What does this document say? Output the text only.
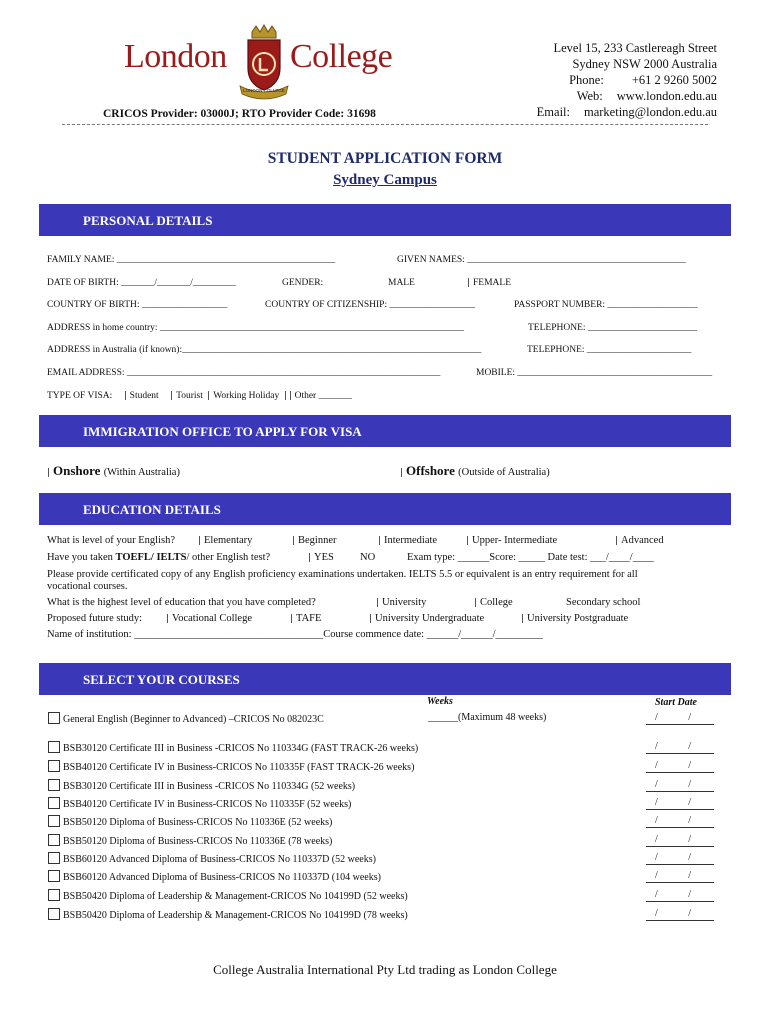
London
LONDON COLLEGE
College
CRICOS Provider: 03000J; RTO Provider Code: 31698
Level 15, 233 Castlereagh Street
Sydney NSW 2000 Australia
Phone: +61 2 9260 5002
Web: www.london.edu.au
Email: marketing@london.edu.au
STUDENT APPLICATION FORM
Sydney Campus
PERSONAL DETAILS
FAMILY NAME: ______________________________________________	GIVEN NAMES: ______________________________________________
DATE OF BIRTH: _______/_______/_________	GENDER:	MALE	FEMALE
COUNTRY OF BIRTH: __________________	COUNTRY OF CITIZENSHIP: __________________	PASSPORT NUMBER: ___________________
ADDRESS in home country: ________________________________________________________________	TELEPHONE: _______________________
ADDRESS in Australia (if known):_______________________________________________________________	TELEPHONE: ______________________
EMAIL ADDRESS: __________________________________________________________________	MOBILE: _________________________________________
TYPE OF VISA: Student Tourist Working Holiday Other _______
IMMIGRATION OFFICE TO APPLY FOR VISA
Onshore (Within Australia)	Offshore (Outside of Australia)
EDUCATION DETAILS
What is level of your English?	Elementary	Beginner	Intermediate	Upper- Intermediate	Advanced
Have you taken TOEFL/ IELTS/ other English test?	YES NO	Exam type: ______Score: _____ Date test: ___/____/____
Please provide certificated copy of any English proficiency examinations undertaken. IELTS 5.5 or equivalent is an entry requirement for all
vocational courses.
What is the highest level of education that you have completed?	University	College	Secondary school
Proposed future study:	Vocational College	TAFE	University Undergraduate	University Postgraduate
Name of institution: ____________________________________Course commence date: ______/______/_________
SELECT YOUR COURSES
Weeks	Start Date
General English (Beginner to Advanced) –CRICOS No 082023C	______(Maximum 48 weeks)	/ /
BSB30120 Certificate III in Business -CRICOS No 110334G (FAST TRACK-26 weeks)	/ /
BSB40120 Certificate IV in Business-CRICOS No 110335F (FAST TRACK-26 weeks)	/ /
BSB30120 Certificate III in Business -CRICOS No 110334G (52 weeks)	/ /
BSB40120 Certificate IV in Business-CRICOS No 110335F (52 weeks)	/ /
BSB50120 Diploma of Business-CRICOS No 110336E (52 weeks)	/ /
BSB50120 Diploma of Business-CRICOS No 110336E (78 weeks)	/ /
BSB60120 Advanced Diploma of Business-CRICOS No 110337D (52 weeks)	/ /
BSB60120 Advanced Diploma of Business-CRICOS No 110337D (104 weeks)	/ /
BSB50420 Diploma of Leadership & Management-CRICOS No 104199D (52 weeks)	/ /
BSB50420 Diploma of Leadership & Management-CRICOS No 104199D (78 weeks)	/ /
College Australia International Pty Ltd trading as London College
